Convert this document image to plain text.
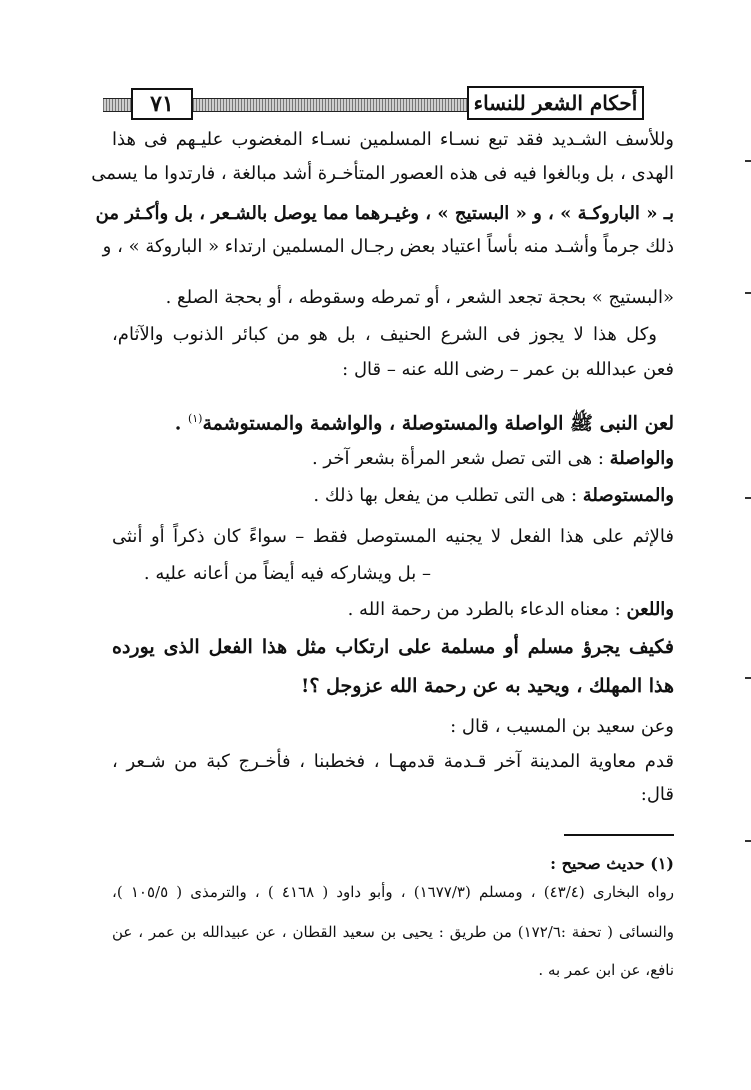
٧١	أحكام الشعر للنساء
وللأسف الشـديد فقد تبع نسـاء المسلمين نسـاء المغضوب عليـهم فى هذا
الهدى ، بل وبالغوا فيه فى هذه العصور المتأخـرة أشد مبالغة ، فارتدوا ما يسمى
بـ « الباروكـة » ، و « البستيج » ، وغيـرهما مما يوصل بالشـعر ، بل وأكـثر من
ذلك جرماً وأشـد منه بأساً اعتياد بعض رجـال المسلمين ارتداء « الباروكة » ، و
«البستيج » بحجة تجعد الشعر ، أو تمرطه وسقوطه ، أو بحجة الصلع .
وكل هذا لا يجوز فى الشرع الحنيف ، بل هو من كبائر الذنوب والآثام،
فعن عبدالله بن عمر – رضى الله عنه – قال :
لعن النبى ﷺ الواصلة والمستوصلة ، والواشمة والمستوشمة$^{(١)}$ .
والواصلة : هى التى تصل شعر المرأة بشعر آخر .
والمستوصلة : هى التى تطلب من يفعل بها ذلك .
فالإثم على هذا الفعل لا يجنيه المستوصل فقط – سواءً كان ذكراً أو أنثى
– بل ويشاركه فيه أيضاً من أعانه عليه .
واللعن : معناه الدعاء بالطرد من رحمة الله .
فكيف يجرؤ مسلم أو مسلمة على ارتكاب مثل هذا الفعل الذى يورده
هذا المهلك ، ويحيد به عن رحمة الله عزوجل ؟!
وعن سعيد بن المسيب ، قال :
قدم معاوية المدينة آخر قـدمة قدمهـا ، فخطبنا ، فأخـرج كبة من شـعر ،
قال:
(١) حديث صحيح :
رواه البخارى (٤٣/٤) ، ومسلم (١٦٧٧/٣) ، وأبو داود ( ٤١٦٨ ) ، والترمذى ( ١٠٥/٥ )،
والنسائى ( تحفة :١٧٢/٦) من طريق : يحيى بن سعيد القطان ، عن عبيدالله بن عمر ، عن
نافع، عن ابن عمر به .
